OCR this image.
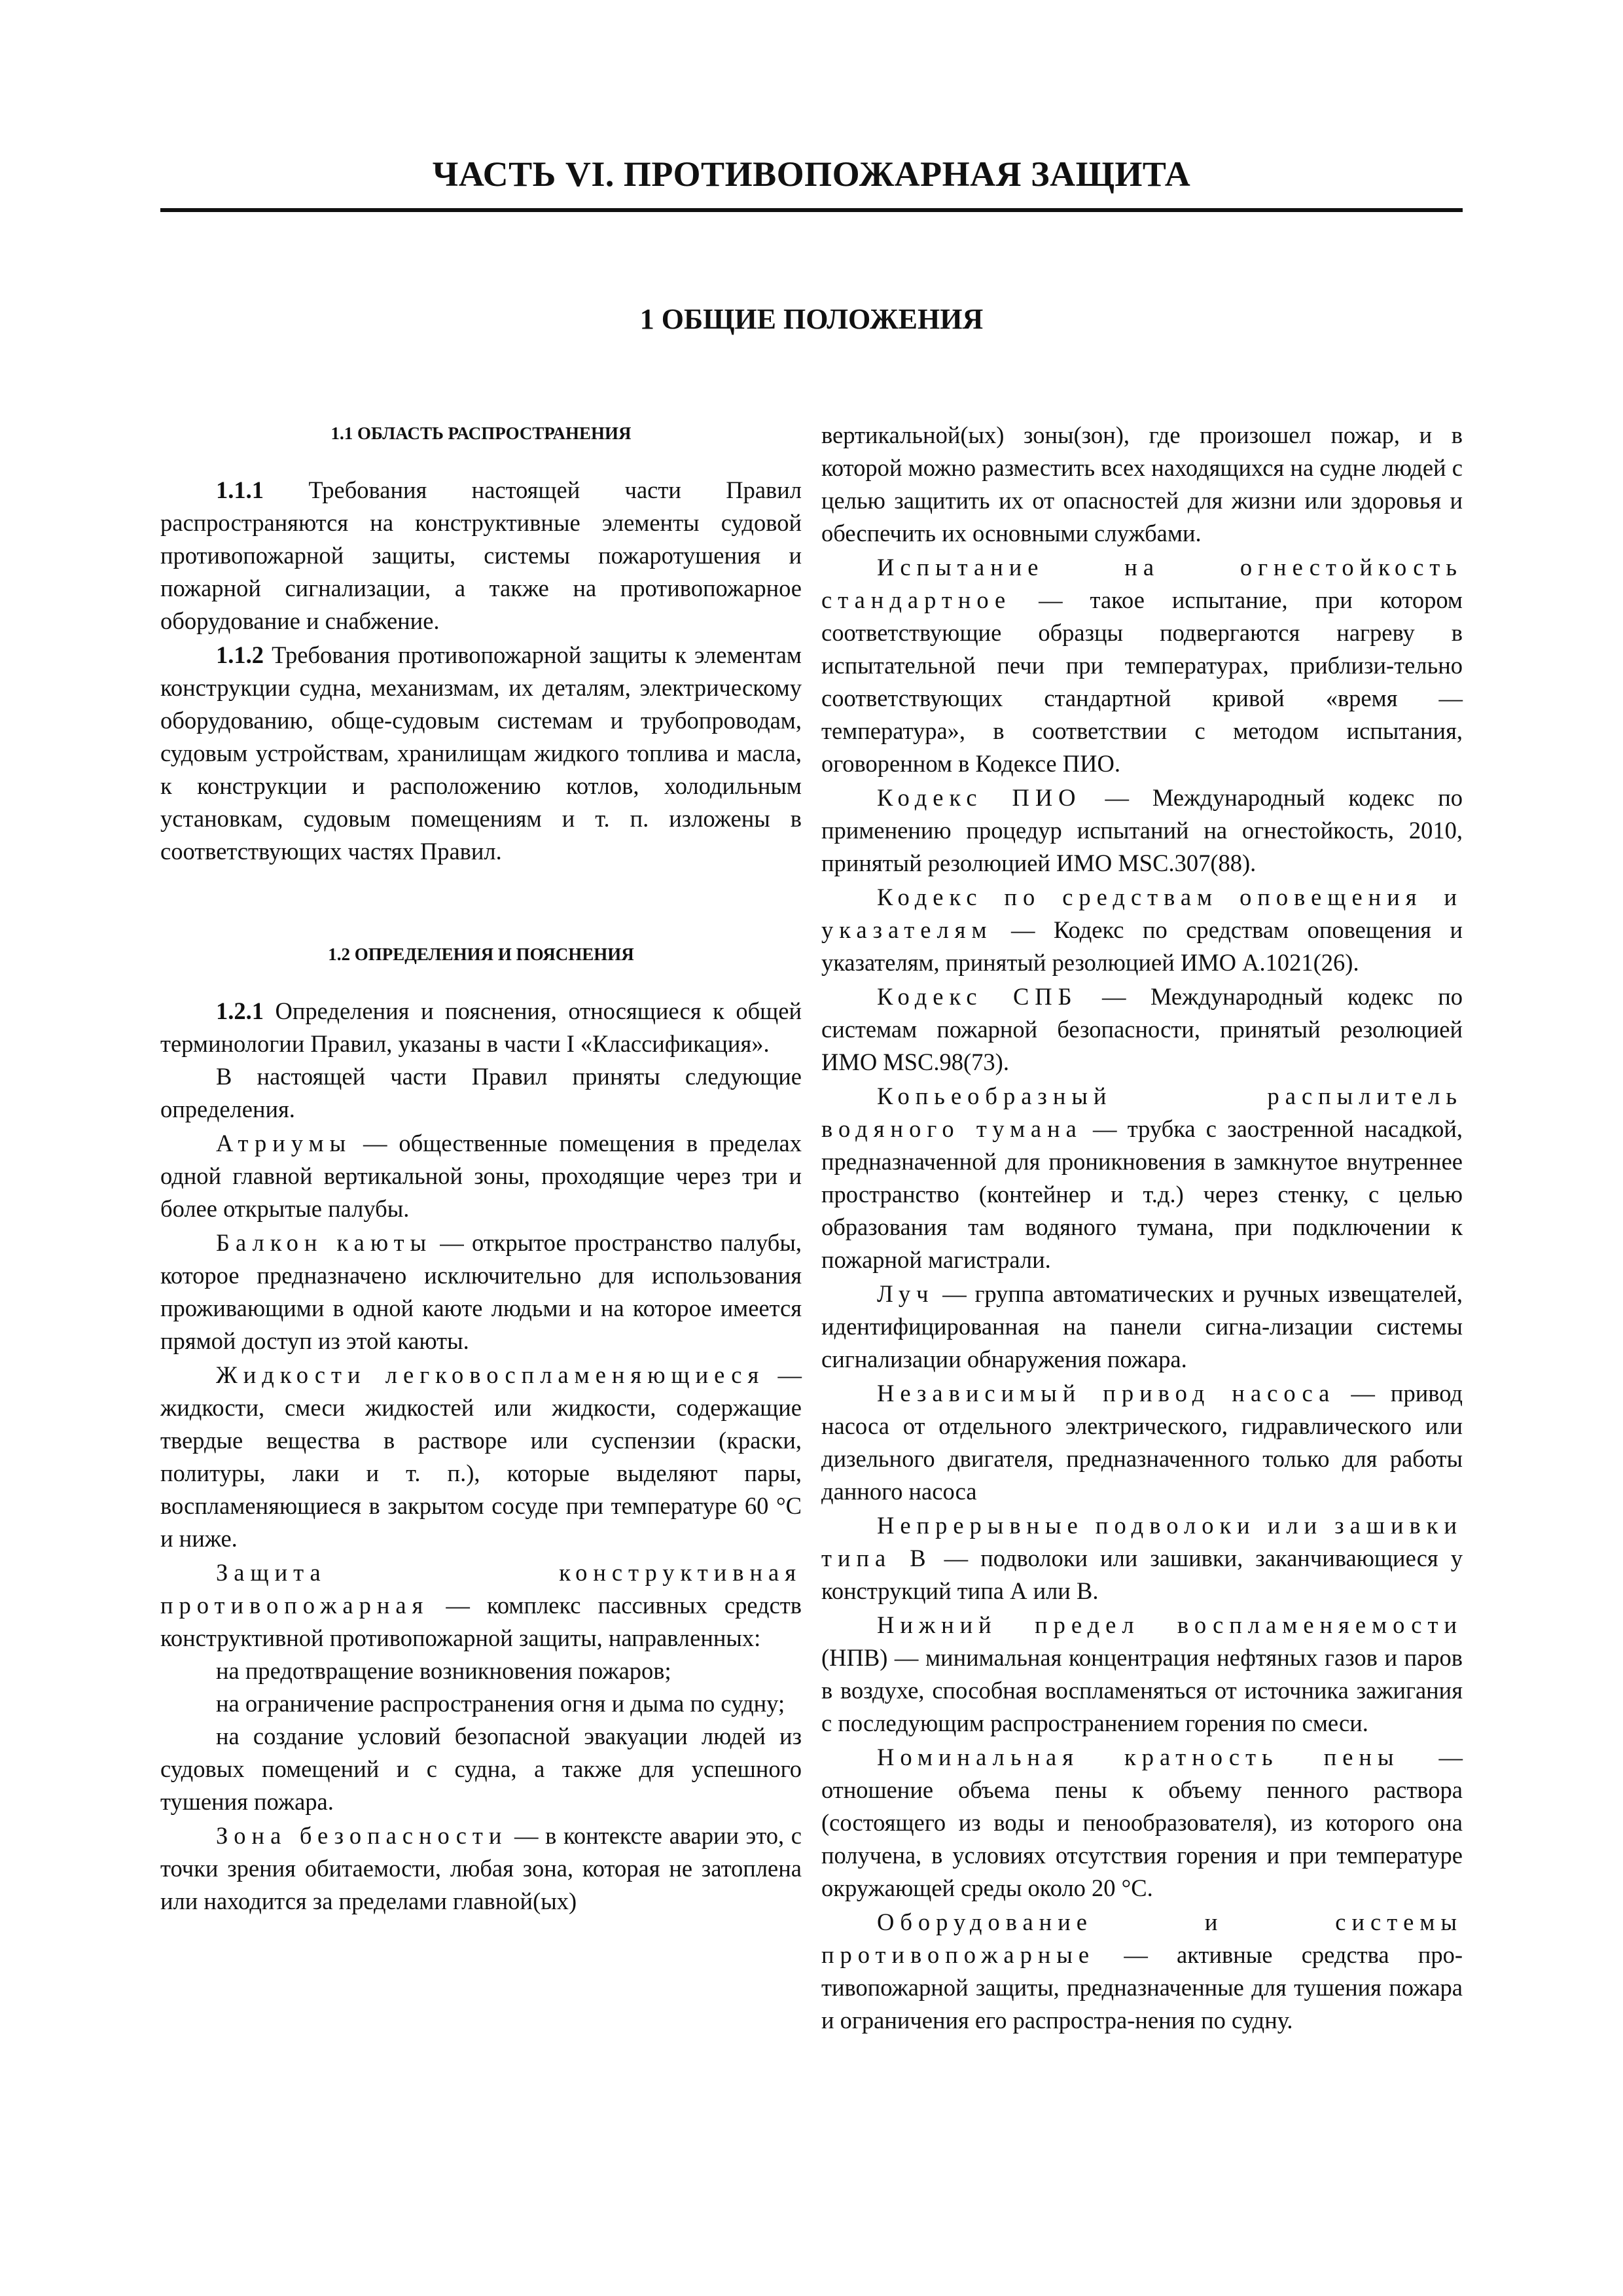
ЧАСТЬ VI. ПРОТИВОПОЖАРНАЯ ЗАЩИТА
1 ОБЩИЕ ПОЛОЖЕНИЯ
1.1 ОБЛАСТЬ РАСПРОСТРАНЕНИЯ

1.1.1 Требования настоящей части Правил распространяются на конструктивные элементы судовой противопожарной защиты, системы пожаротушения и пожарной сигнализации, а также на противопожарное оборудование и снабжение.

1.1.2 Требования противопожарной защиты к элементам конструкции судна, механизмам, их деталям, электрическому оборудованию, обще-судовым системам и трубопроводам, судовым устройствам, хранилищам жидкого топлива и масла, к конструкции и расположению котлов, холодильным установкам, судовым помещениям и т. п. изложены в соответствующих частях Правил.

1.2 ОПРЕДЕЛЕНИЯ И ПОЯСНЕНИЯ

1.2.1 Определения и пояснения, относящиеся к общей терминологии Правил, указаны в части I «Классификация».

В настоящей части Правил приняты следующие определения.

Атриумы — общественные помещения в пределах одной главной вертикальной зоны, проходящие через три и более открытые палубы.

Балкон каюты — открытое пространство палубы, которое предназначено исключительно для использования проживающими в одной каюте людьми и на которое имеется прямой доступ из этой каюты.

Жидкости легковоспламеняющиеся — жидкости, смеси жидкостей или жидкости, содержащие твердые вещества в растворе или суспензии (краски, политуры, лаки и т. п.), которые выделяют пары, воспламеняющиеся в закрытом сосуде при температуре 60 °С и ниже.

Защита конструктивная противопожарная — комплекс пассивных средств конструктивной противопожарной защиты, направленных:

на предотвращение возникновения пожаров;

на ограничение распространения огня и дыма по судну;

на создание условий безопасной эвакуации людей из судовых помещений и с судна, а также для успешного тушения пожара.

Зона безопасности — в контексте аварии это, с точки зрения обитаемости, любая зона, которая не затоплена или находится за пределами главной(ых)

вертикальной(ых) зоны(зон), где произошел пожар, и в которой можно разместить всех находящихся на судне людей с целью защитить их от опасностей для жизни или здоровья и обеспечить их основными службами.

Испытание на огнестойкость стандартное — такое испытание, при котором соответствующие образцы подвергаются нагреву в испытательной печи при температурах, приблизи-тельно соответствующих стандартной кривой «время — температура», в соответствии с методом испытания, оговоренном в Кодексе ПИО.

Кодекс ПИО — Международный кодекс по применению процедур испытаний на огнестойкость, 2010, принятый резолюцией ИМО MSC.307(88).

Кодекс по средствам оповещения и указателям — Кодекс по средствам оповещения и указателям, принятый резолюцией ИМО А.1021(26).

Кодекс СПБ — Международный кодекс по системам пожарной безопасности, принятый резолюцией ИМО MSC.98(73).

Копьеобразный распылитель водяного тумана — трубка с заостренной насадкой, предназначенной для проникновения в замкнутое внутреннее пространство (контейнер и т.д.) через стенку, с целью образования там водяного тумана, при подключении к пожарной магистрали.

Луч — группа автоматических и ручных извещателей, идентифицированная на панели сигна-лизации системы сигнализации обнаружения пожара.

Независимый привод насоса — привод насоса от отдельного электрического, гидравлического или дизельного двигателя, предназначенного только для работы данного насоса

Непрерывные подволоки или зашивки типа В — подволоки или зашивки, заканчивающиеся у конструкций типа А или В.

Нижний предел воспламеняемости (НПВ) — минимальная концентрация нефтяных газов и паров в воздухе, способная воспламеняться от источника зажигания с последующим распространением горения по смеси.

Номинальная кратность пены — отношение объема пены к объему пенного раствора (состоящего из воды и пенообразователя), из которого она получена, в условиях отсутствия горения и при температуре окружающей среды около 20 °С.

Оборудование и системы противопожарные — активные средства про-тивопожарной защиты, предназначенные для тушения пожара и ограничения его распростра-нения по судну.
